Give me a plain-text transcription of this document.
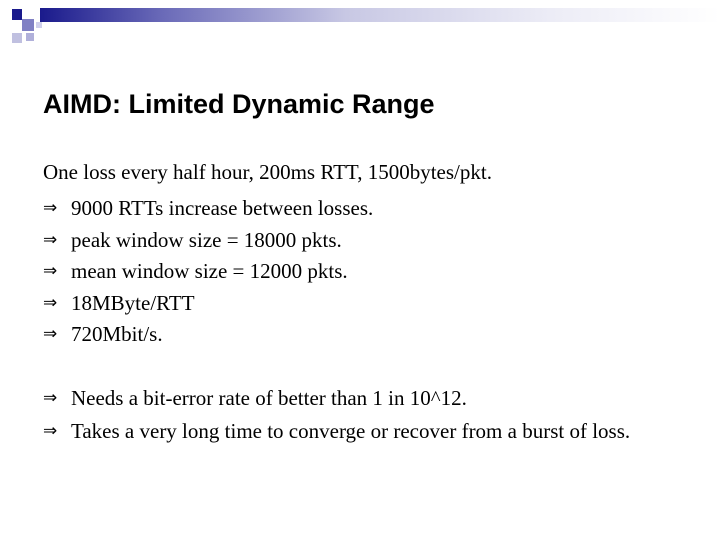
AIMD: Limited Dynamic Range
One loss every half hour, 200ms RTT, 1500bytes/pkt.
⇒ 9000 RTTs increase between losses.
⇒ peak window size = 18000 pkts.
⇒ mean window size = 12000 pkts.
⇒ 18MByte/RTT
⇒ 720Mbit/s.
⇒ Needs a bit-error rate of better than 1 in 10^12.
⇒ Takes a very long time to converge or recover from a burst of loss.
